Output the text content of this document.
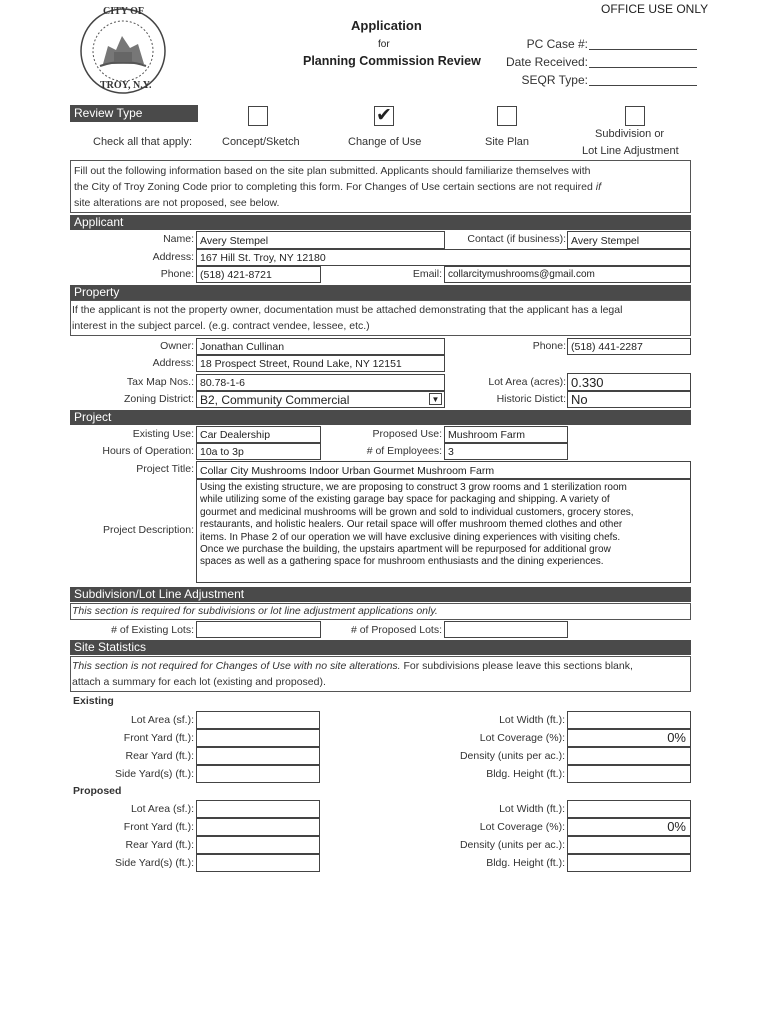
CITY OF
TROY, N.Y.
Application
for
Planning Commission Review
OFFICE USE ONLY
PC Case #:
Date Received:
SEQR Type:
Review Type	✔
Check all that apply:	Concept/Sketch	Change of Use	Site Plan
Subdivision or
Lot Line Adjustment
Fill out the following information based on the site plan submitted. Applicants should familiarize themselves with
the City of Troy Zoning Code prior to completing this form. For Changes of Use certain sections are not required if
site alterations are not proposed, see below.
Applicant
Name: Avery Stempel	Contact (if business): Avery Stempel
Address: 167 Hill St. Troy, NY 12180
Phone: (518) 421-8721	Email: collarcitymushrooms@gmail.com
Property
If the applicant is not the property owner, documentation must be attached demonstrating that the applicant has a legal
interest in the subject parcel. (e.g. contract vendee, lessee, etc.)
Owner: Jonathan Cullinan	Phone: (518) 441-2287
Address: 18 Prospect Street, Round Lake, NY 12151
Tax Map Nos.: 80.78-1-6	Lot Area (acres): 0.330
Zoning District: B2, Community Commercial	▼	Historic Distict: No
Project
Existing Use: Car Dealership	Proposed Use: Mushroom Farm
Hours of Operation: 10a to 3p	# of Employees: 3
Project Title: Collar City Mushrooms Indoor Urban Gourmet Mushroom Farm
Project Description:
Using the existing structure, we are proposing to construct 3 grow rooms and 1 sterilization room
while utilizing some of the existing garage bay space for packaging and shipping. A variety of
gourmet and medicinal mushrooms will be grown and sold to individual customers, grocery stores,
restaurants, and holistic healers. Our retail space will offer mushroom themed clothes and other
items. In Phase 2 of our operation we will have exclusive dining experiences with visiting chefs.
Once we purchase the building, the upstairs apartment will be repurposed for additional grow
spaces as well as a gathering space for mushroom enthusiasts and the dining experiences.
Subdivision/Lot Line Adjustment
This section is required for subdivisions or lot line adjustment applications only.
# of Existing Lots:	# of Proposed Lots:
Site Statistics
This section is not required for Changes of Use with no site alterations. For subdivisions please leave this sections blank,
attach a summary for each lot (existing and proposed).
Existing
Lot Area (sf.):
Front Yard (ft.):
Rear Yard (ft.):
Side Yard(s) (ft.):
Lot Width (ft.):
Lot Coverage (%):	0%
Density (units per ac.):
Bldg. Height (ft.):
Proposed
Lot Area (sf.):
Front Yard (ft.):
Rear Yard (ft.):
Side Yard(s) (ft.):
Lot Width (ft.):
Lot Coverage (%):	0%
Density (units per ac.):
Bldg. Height (ft.):
